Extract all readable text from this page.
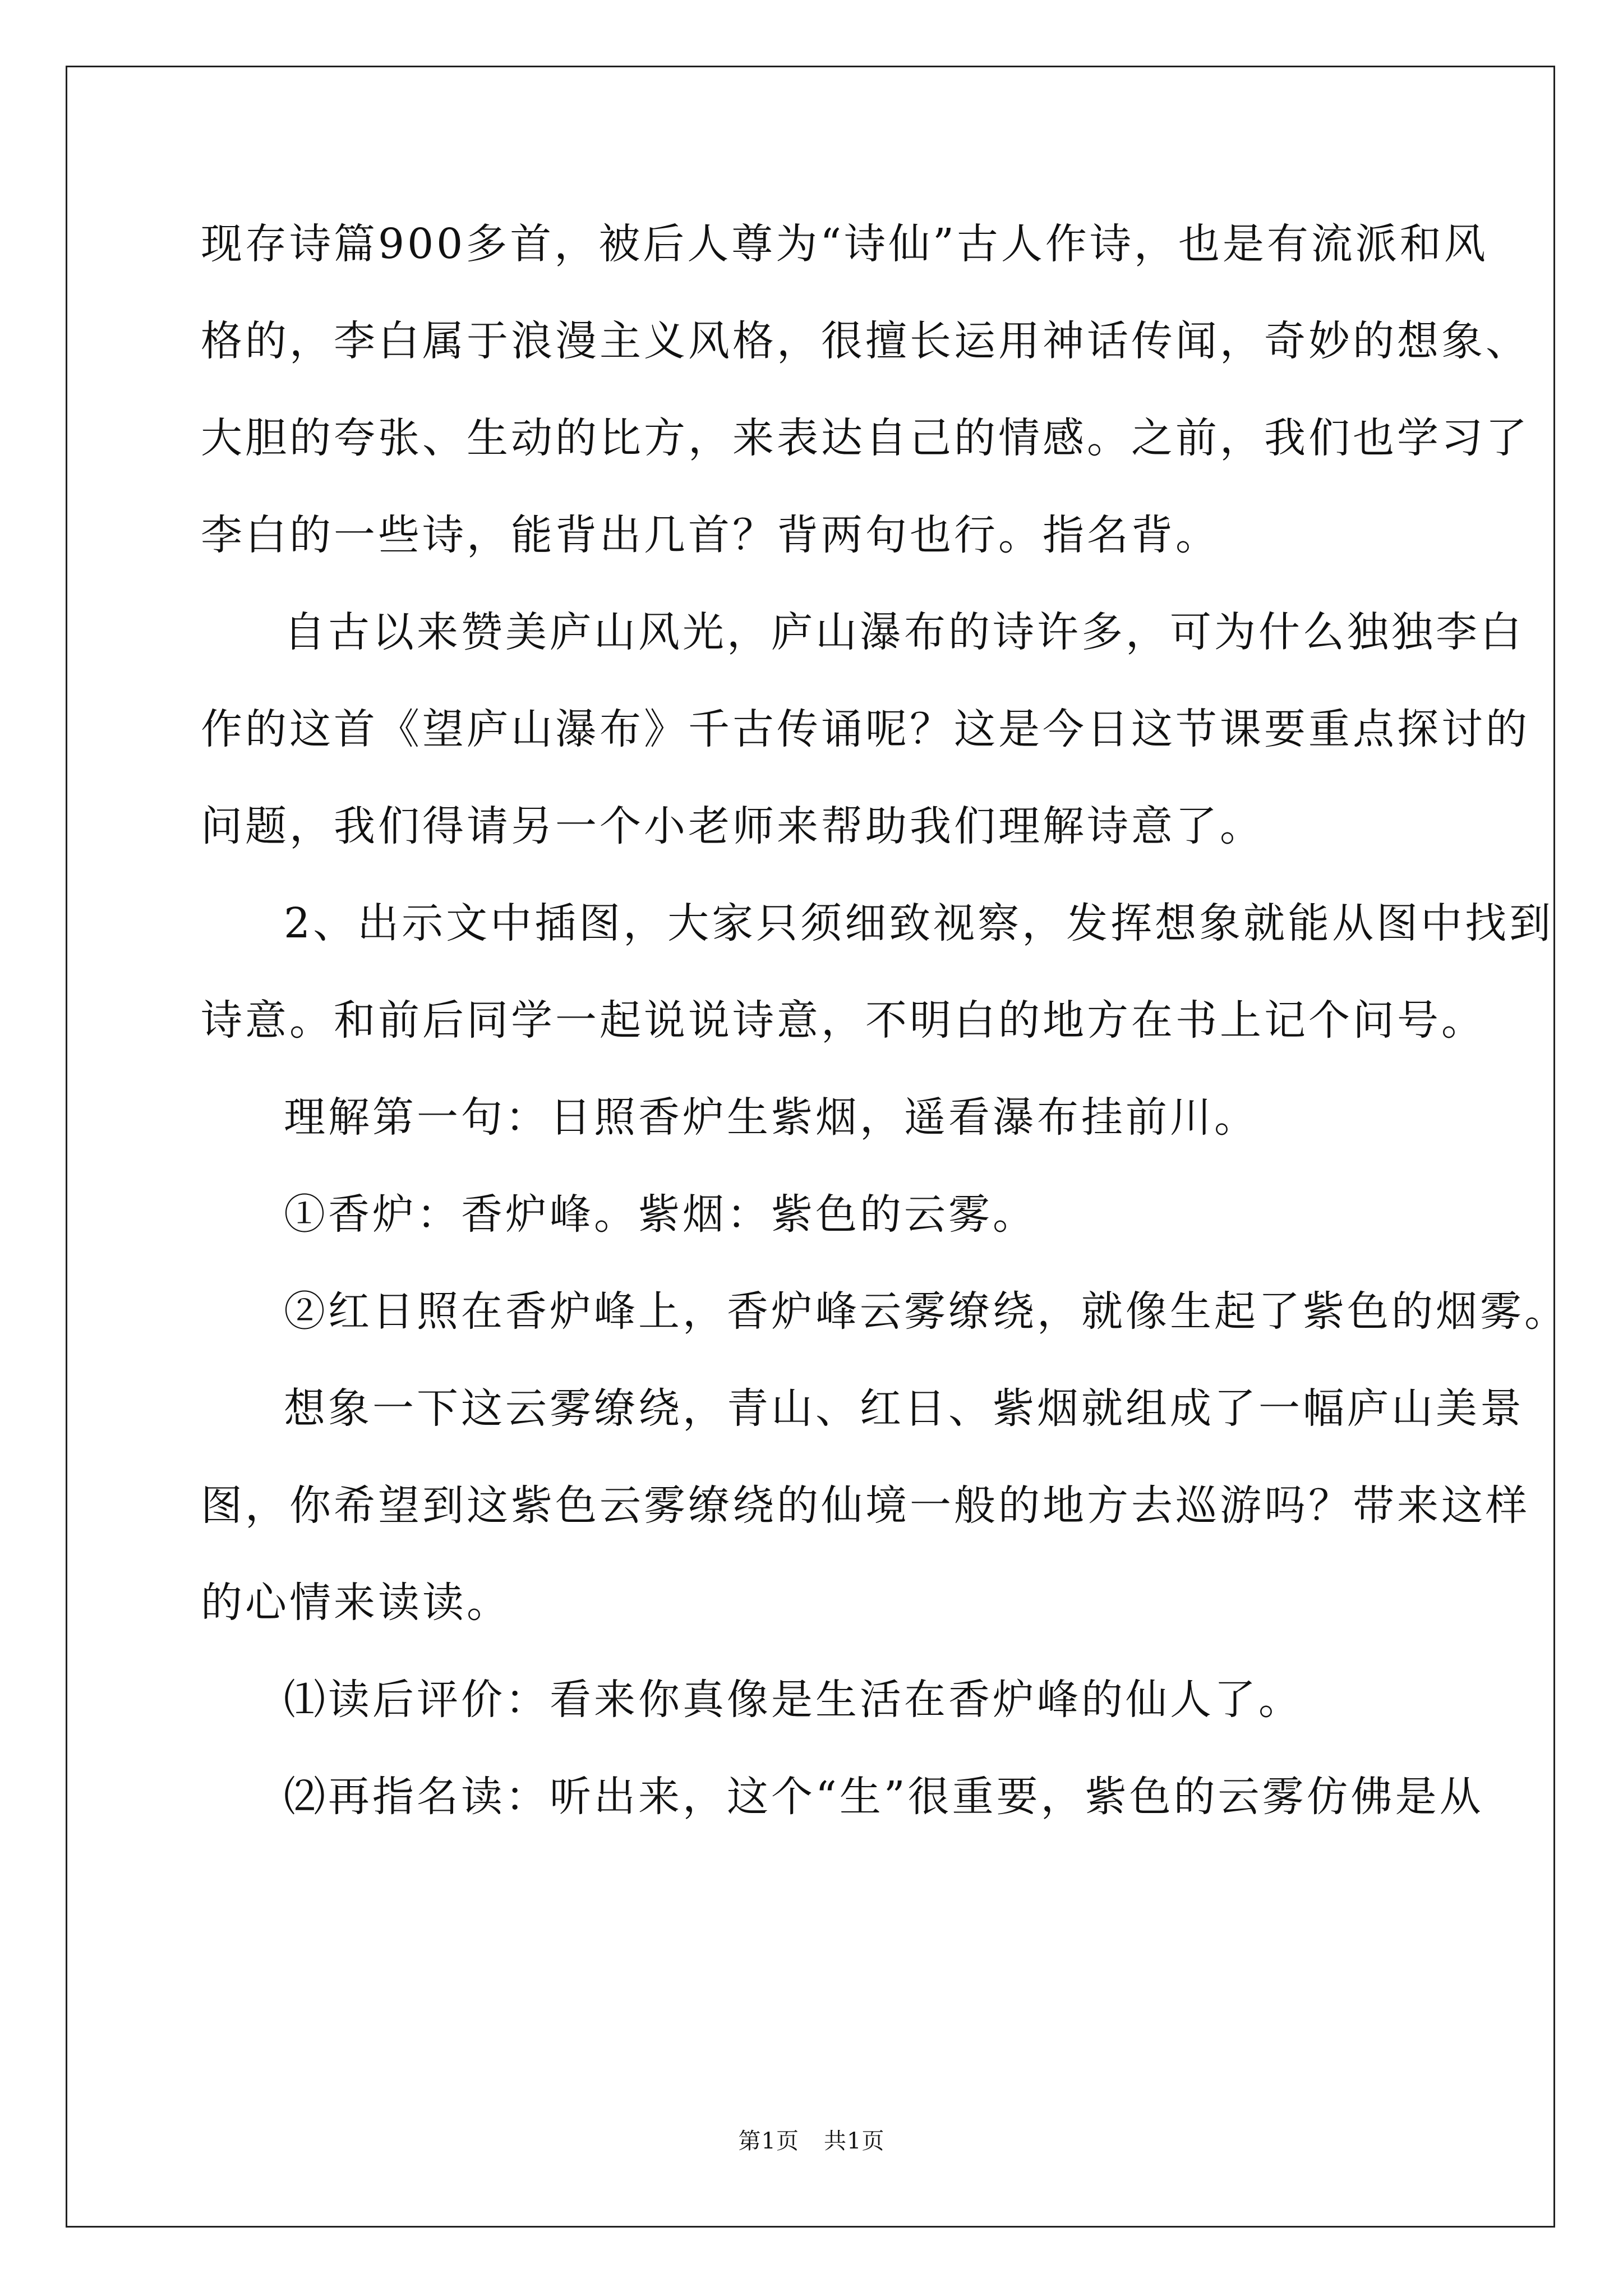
现存诗篇900多首，被后人尊为“诗仙”古人作诗，也是有流派和风
格的，李白属于浪漫主义风格，很擅长运用神话传闻，奇妙的想象、
大胆的夸张、生动的比方，来表达自己的情感。之前，我们也学习了
李白的一些诗，能背出几首？背两句也行。指名背。
自古以来赞美庐山风光，庐山瀑布的诗许多，可为什么独独李白
作的这首《望庐山瀑布》千古传诵呢？这是今日这节课要重点探讨的
问题，我们得请另一个小老师来帮助我们理解诗意了。
2、出示文中插图，大家只须细致视察，发挥想象就能从图中找到
诗意。和前后同学一起说说诗意，不明白的地方在书上记个问号。
理解第一句：日照香炉生紫烟，遥看瀑布挂前川。
①香炉：香炉峰。紫烟：紫色的云雾。
②红日照在香炉峰上，香炉峰云雾缭绕，就像生起了紫色的烟雾。
想象一下这云雾缭绕，青山、红日、紫烟就组成了一幅庐山美景
图，你希望到这紫色云雾缭绕的仙境一般的地方去巡游吗？带来这样
的心情来读读。
⑴读后评价：看来你真像是生活在香炉峰的仙人了。
⑵再指名读：听出来，这个“生”很重要，紫色的云雾仿佛是从
第1页 共1页
